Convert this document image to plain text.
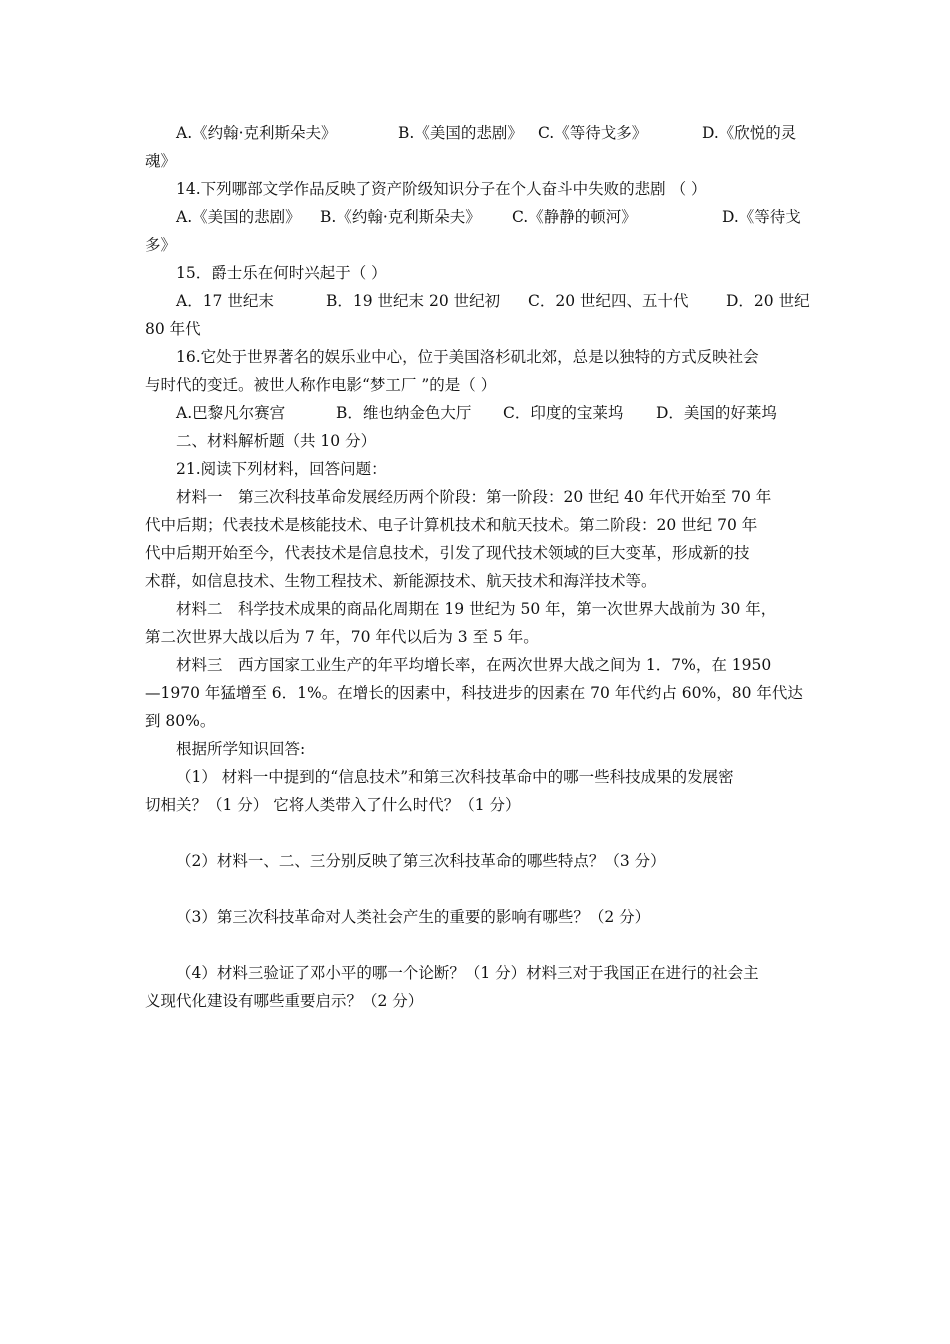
A.《约翰·克利斯朵夫》	B.《美国的悲剧》 C.《等待戈多》	D.《欣悦的灵
魂》
14.下列哪部文学作品反映了资产阶级知识分子在个人奋斗中失败的悲剧 （ ）
A.《美国的悲剧》 B.《约翰·克利斯朵夫》 C.《静静的顿河》	D.《等待戈
多》
15．爵士乐在何时兴起于（ ）
A．17 世纪末	B．19 世纪末 20 世纪初 C．20 世纪四、五十代 D．20 世纪
80 年代
16.它处于世界著名的娱乐业中心，位于美国洛杉矶北郊，总是以独特的方式反映社会
与时代的变迁。被世人称作电影“梦工厂 ”的是（ ）
A.巴黎凡尔赛宫	B．维也纳金色大厅 C．印度的宝莱坞 D．美国的好莱坞
二、材料解析题（共 10 分）
21.阅读下列材料，回答问题：
材料一　第三次科技革命发展经历两个阶段：第一阶段：20 世纪 40 年代开始至 70 年
代中后期；代表技术是核能技术、电子计算机技术和航天技术。第二阶段：20 世纪 70 年
代中后期开始至今，代表技术是信息技术，引发了现代技术领域的巨大变革，形成新的技
术群，如信息技术、生物工程技术、新能源技术、航天技术和海洋技术等。
材料二　科学技术成果的商品化周期在 19 世纪为 50 年，第一次世界大战前为 30 年，
第二次世界大战以后为 7 年，70 年代以后为 3 至 5 年。
材料三　西方国家工业生产的年平均增长率，在两次世界大战之间为 1．7%，在 1950
—1970 年猛增至 6．1%。在增长的因素中，科技进步的因素在 70 年代约占 60%，80 年代达
到 80%。
根据所学知识回答:
（1） 材料一中提到的“信息技术”和第三次科技革命中的哪一些科技成果的发展密
切相关？（1 分） 它将人类带入了什么时代？（1 分）
（2）材料一、二、三分别反映了第三次科技革命的哪些特点？（3 分）
（3）第三次科技革命对人类社会产生的重要的影响有哪些？（2 分）
（4）材料三验证了邓小平的哪一个论断？（1 分）材料三对于我国正在进行的社会主
义现代化建设有哪些重要启示？（2 分）
